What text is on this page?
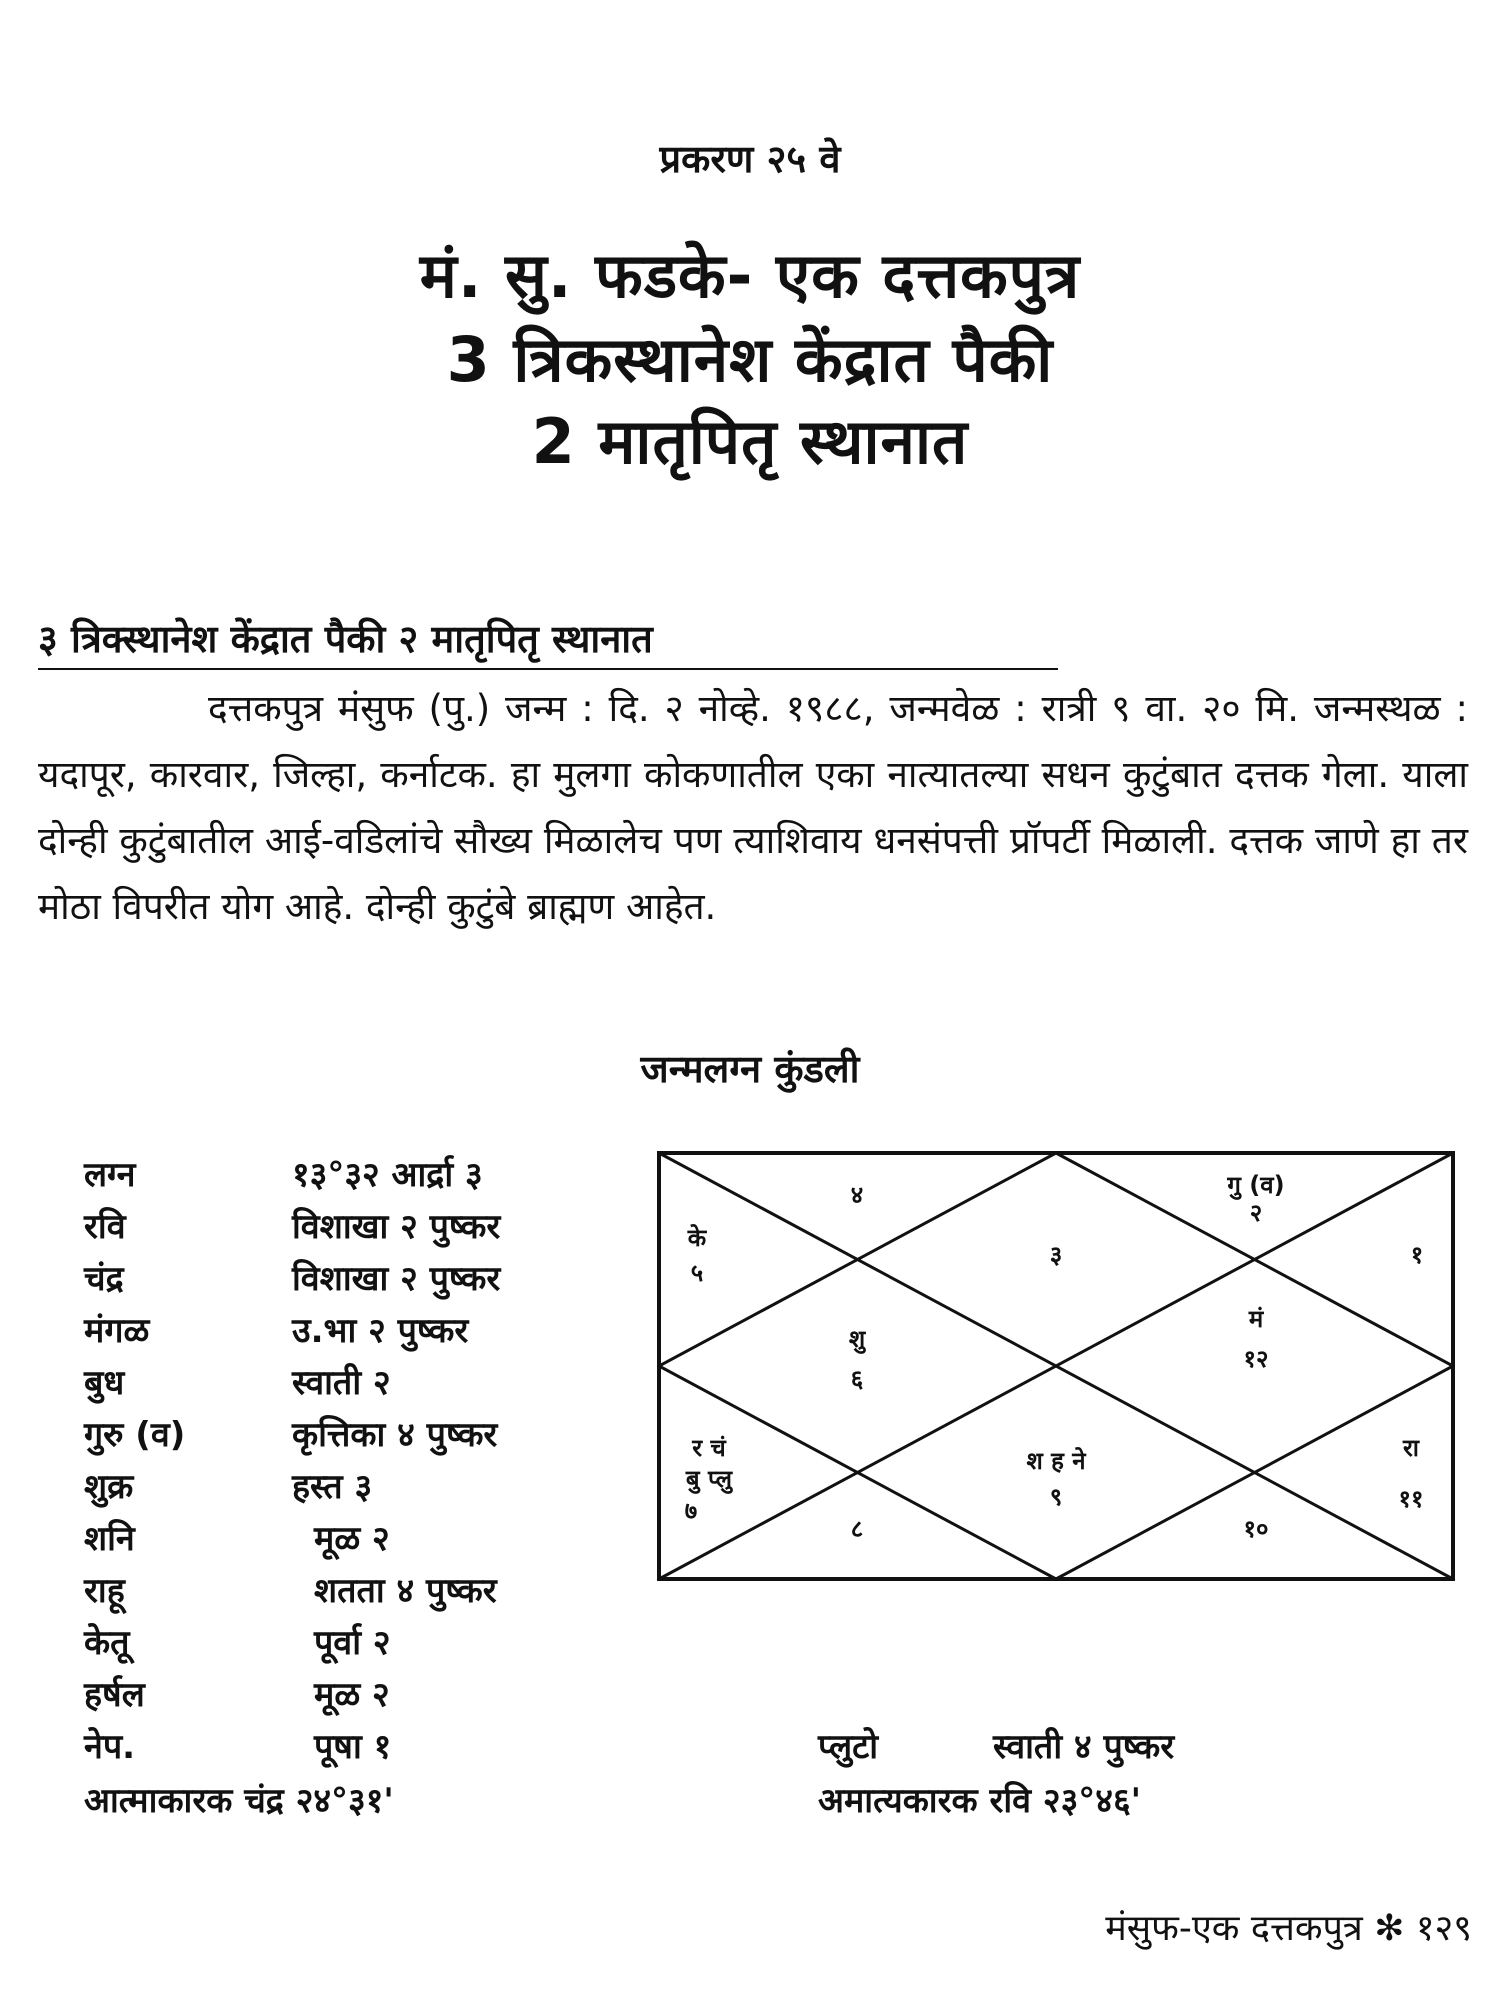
प्रकरण २५ वे
मं. सु. फडके- एक दत्तकपुत्र
3 त्रिकस्थानेश केंद्रात पैकी
2 मातृपितृ स्थानात
३ त्रिक्स्थानेश केंद्रात पैकी २ मातृपितृ स्थानात
दत्तकपुत्र मंसुफ (पु.) जन्म : दि. २ नोव्हे. १९८८, जन्मवेळ : रात्री ९ वा. २० मि. जन्मस्थळ : यदापूर, कारवार, जिल्हा, कर्नाटक. हा मुलगा कोकणातील एका नात्यातल्या सधन कुटुंबात दत्तक गेला. याला दोन्ही कुटुंबातील आई-वडिलांचे सौख्य मिळालेच पण त्याशिवाय धनसंपत्ती प्रॉपर्टी मिळाली. दत्तक जाणे हा तर मोठा विपरीत योग आहे. दोन्ही कुटुंबे ब्राह्मण आहेत.
जन्मलग्न कुंडली
लग्न	१३°३२ आर्द्रा ३
रवि	विशाखा २ पुष्कर
चंद्र	विशाखा २ पुष्कर
मंगळ	उ.भा २ पुष्कर
बुध	स्वाती २
गुरु (व)	कृत्तिका ४ पुष्कर
शुक्र	हस्त ३
शनि	मूळ २
राहू	शतता ४ पुष्कर
केतू	पूर्वा २
हर्षल	मूळ २
नेप.	पूषा १
आत्माकारक चंद्र २४°३१'
४	गु (व)
२
के
५
३	१
शु
६
मं
१२
र चं
बु प्लु
७
श ह ने
९
रा
११
८	१०
प्लुटो	स्वाती ४ पुष्कर
अमात्यकारक रवि २३°४६'
मंसुफ-एक दत्तकपुत्र ✻ १२९
